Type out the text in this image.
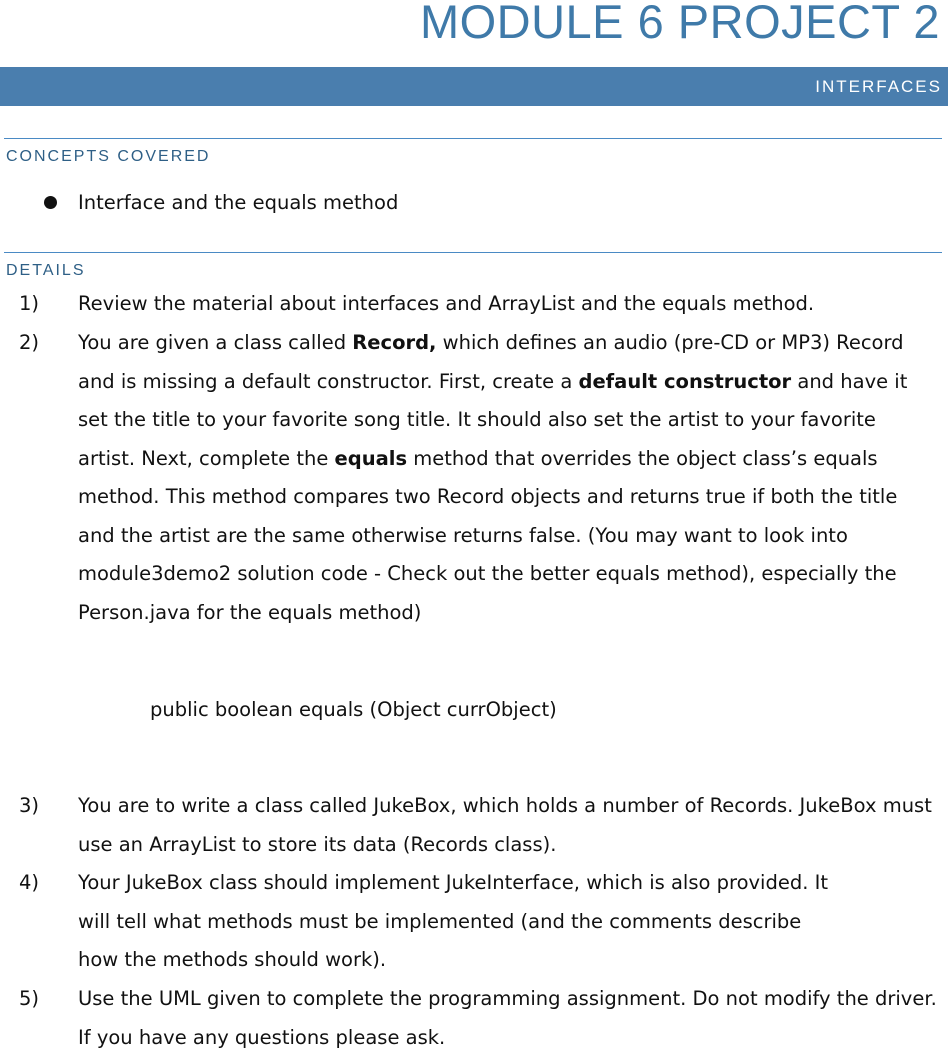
MODULE 6 PROJECT 2
INTERFACES
CONCEPTS COVERED
Interface and the equals method
DETAILS
1) Review the material about interfaces and ArrayList and the equals method.
2) You are given a class called Record, which defines an audio (pre-CD or MP3) Record and is missing a default constructor. First, create a default constructor and have it set the title to your favorite song title. It should also set the artist to your favorite artist. Next, complete the equals method that overrides the object class’s equals method. This method compares two Record objects and returns true if both the title and the artist are the same otherwise returns false. (You may want to look into module3demo2 solution code - Check out the better equals method), especially the Person.java for the equals method)
public boolean equals (Object currObject)
3) You are to write a class called JukeBox, which holds a number of Records. JukeBox must use an ArrayList to store its data (Records class).
4) Your JukeBox class should implement JukeInterface, which is also provided. It will tell what methods must be implemented (and the comments describe how the methods should work).
5) Use the UML given to complete the programming assignment. Do not modify the driver. If you have any questions please ask.
